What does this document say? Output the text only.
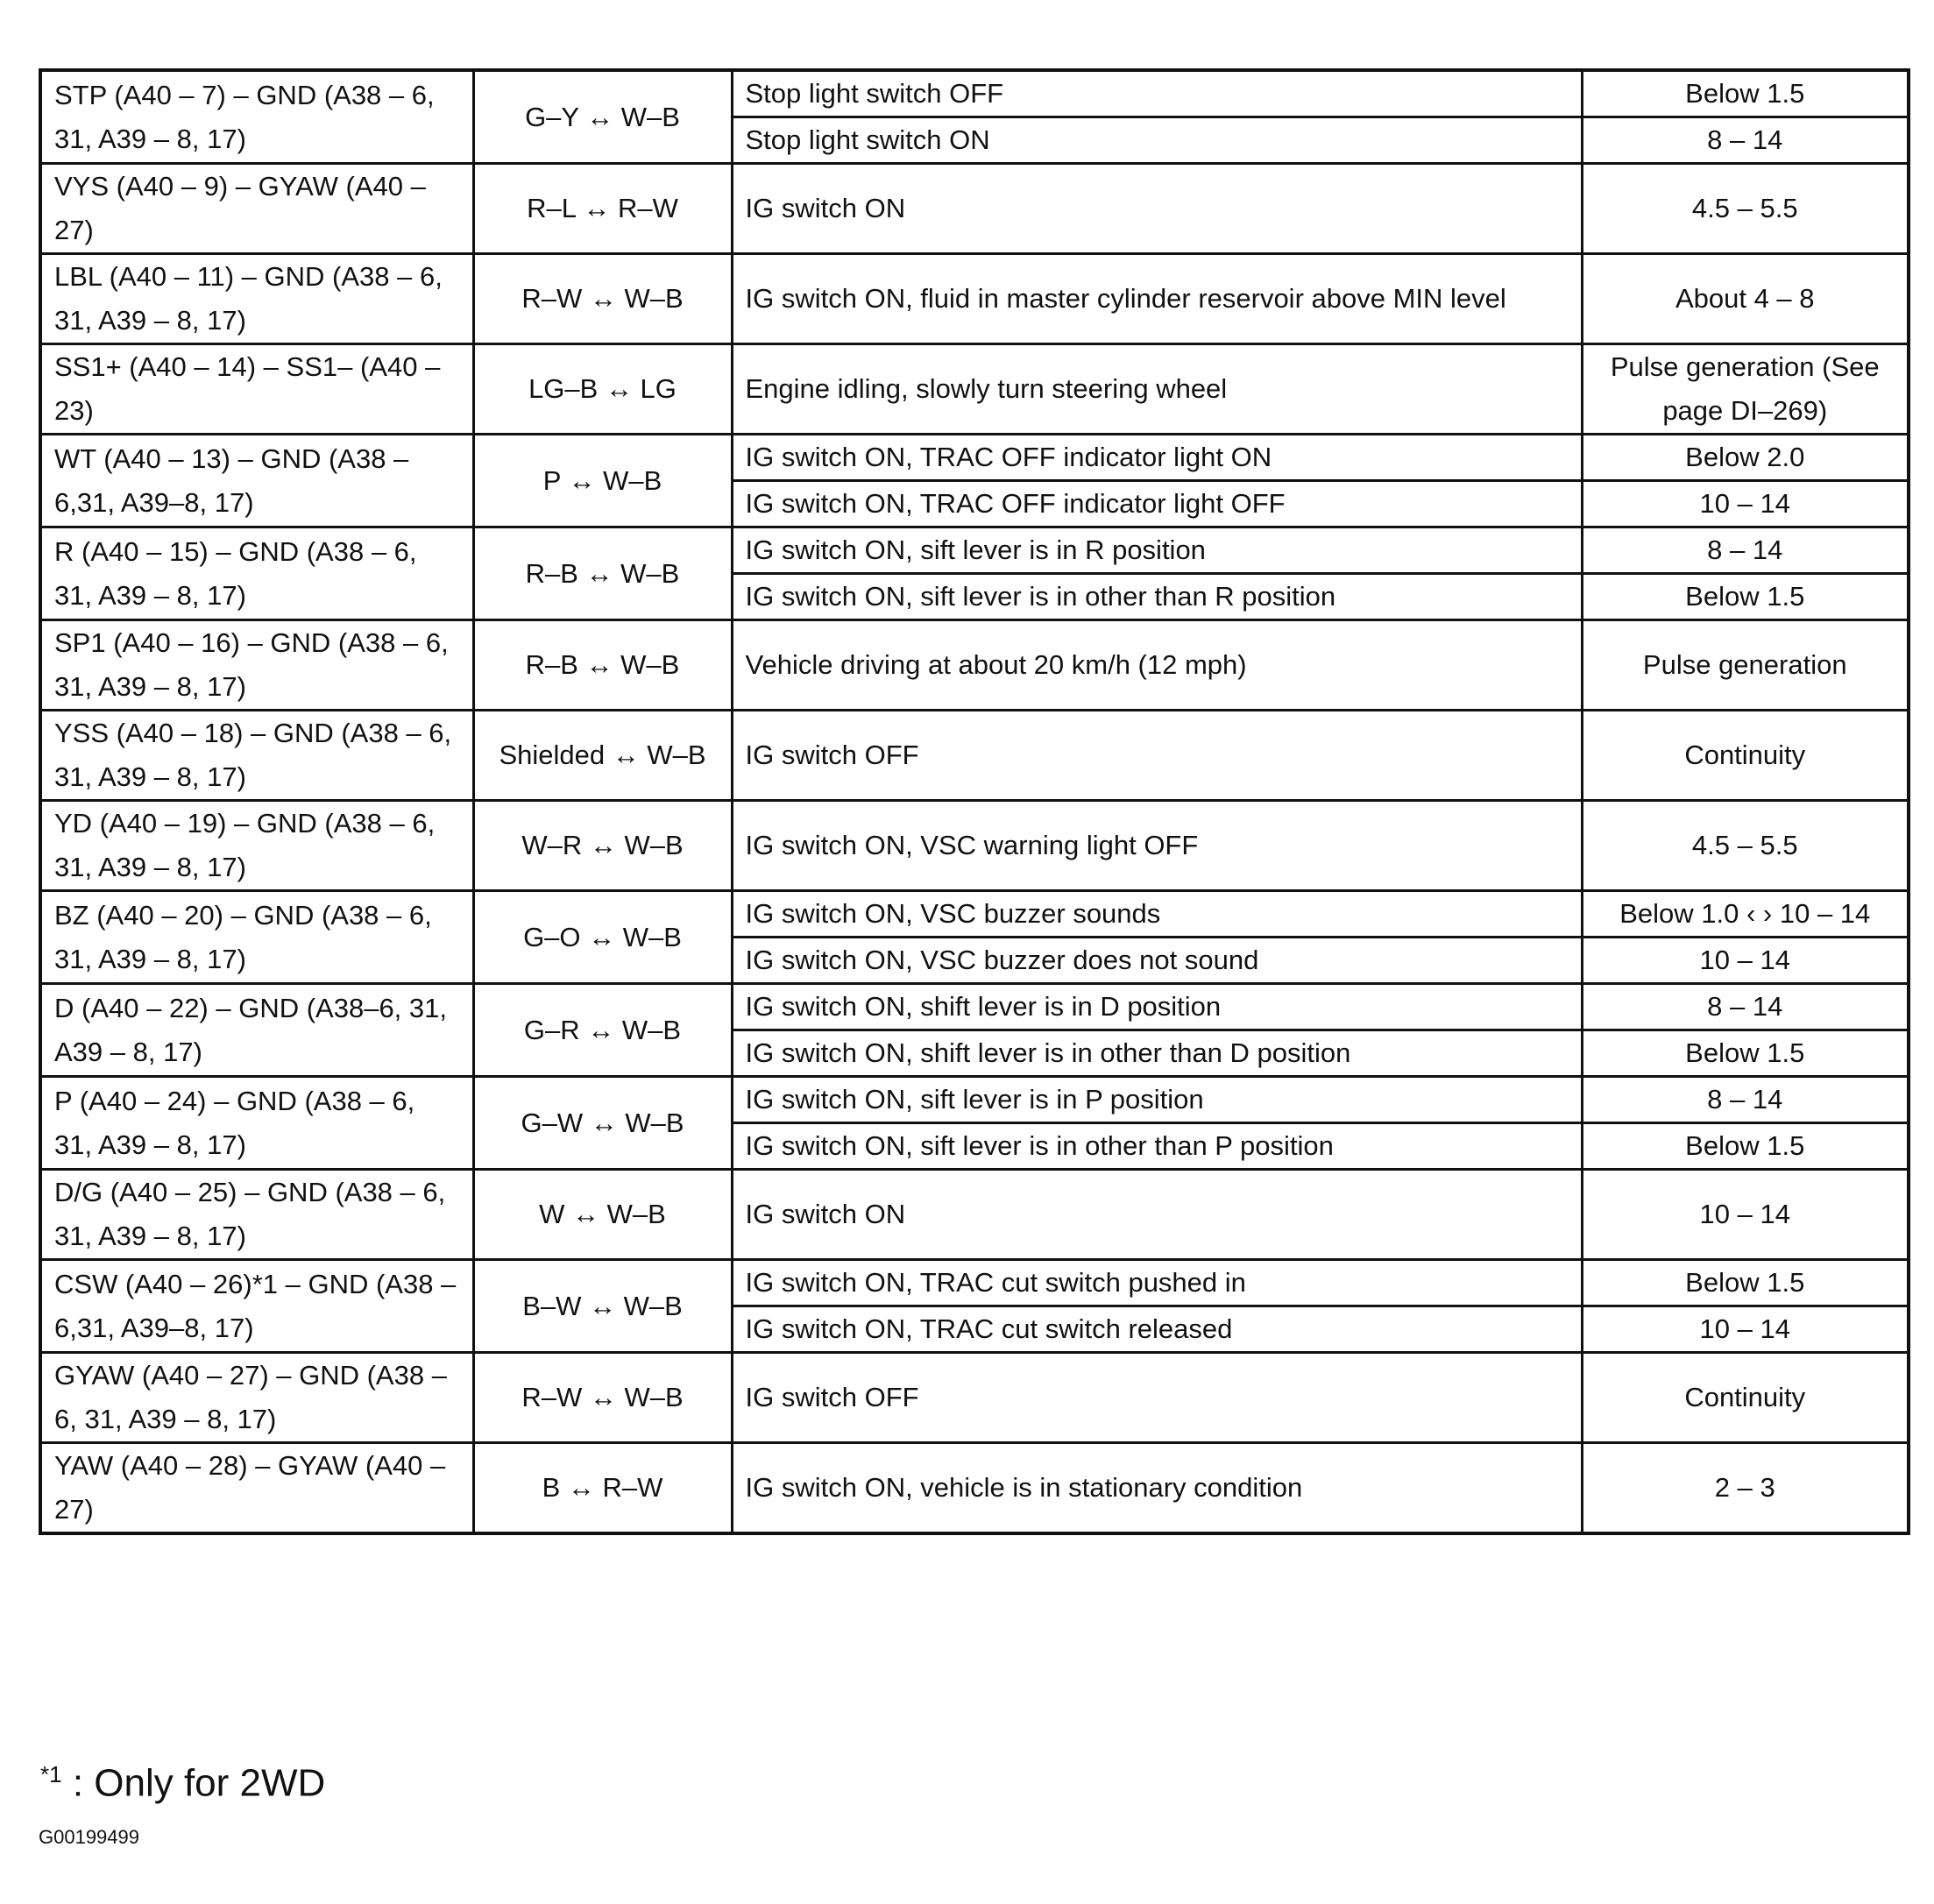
STP (A40 – 7) – GND (A38 – 6, 31, A39 – 8, 17)	G–Y ↔ W–B	Stop light switch OFF	Below 1.5
		Stop light switch ON	8 – 14
VYS (A40 – 9) – GYAW (A40 – 27)	R–L ↔ R–W	IG switch ON	4.5 – 5.5
LBL (A40 – 11) – GND (A38 – 6, 31, A39 – 8, 17)	R–W ↔ W–B	IG switch ON, fluid in master cylinder reservoir above MIN level	About 4 – 8
SS1+ (A40 – 14) – SS1– (A40 – 23)	LG–B ↔ LG	Engine idling, slowly turn steering wheel	Pulse generation (See page DI–269)
WT (A40 – 13) – GND (A38 – 6,31, A39–8, 17)	P ↔ W–B	IG switch ON, TRAC OFF indicator light ON	Below 2.0
		IG switch ON, TRAC OFF indicator light OFF	10 – 14
R (A40 – 15) – GND (A38 – 6, 31, A39 – 8, 17)	R–B ↔ W–B	IG switch ON, sift lever is in R position	8 – 14
		IG switch ON, sift lever is in other than R position	Below 1.5
SP1 (A40 – 16) – GND (A38 – 6, 31, A39 – 8, 17)	R–B ↔ W–B	Vehicle driving at about 20 km/h (12 mph)	Pulse generation
YSS (A40 – 18) – GND (A38 – 6, 31, A39 – 8, 17)	Shielded ↔ W–B	IG switch OFF	Continuity
YD (A40 – 19) – GND (A38 – 6, 31, A39 – 8, 17)	W–R ↔ W–B	IG switch ON, VSC warning light OFF	4.5 – 5.5
BZ (A40 – 20) – GND (A38 – 6, 31, A39 – 8, 17)	G–O ↔ W–B	IG switch ON, VSC buzzer sounds	Below 1.0 ‹ › 10 – 14
		IG switch ON, VSC buzzer does not sound	10 – 14
D (A40 – 22) – GND (A38–6, 31, A39 – 8, 17)	G–R ↔ W–B	IG switch ON, shift lever is in D position	8 – 14
		IG switch ON, shift lever is in other than D position	Below 1.5
P (A40 – 24) – GND (A38 – 6, 31, A39 – 8, 17)	G–W ↔ W–B	IG switch ON, sift lever is in P position	8 – 14
		IG switch ON, sift lever is in other than P position	Below 1.5
D/G (A40 – 25) – GND (A38 – 6, 31, A39 – 8, 17)	W ↔ W–B	IG switch ON	10 – 14
CSW (A40 – 26)*1 – GND (A38 – 6,31, A39–8, 17)	B–W ↔ W–B	IG switch ON, TRAC cut switch pushed in	Below 1.5
		IG switch ON, TRAC cut switch released	10 – 14
GYAW (A40 – 27) – GND (A38 – 6, 31, A39 – 8, 17)	R–W ↔ W–B	IG switch OFF	Continuity
YAW (A40 – 28) – GYAW (A40 – 27)	B ↔ R–W	IG switch ON, vehicle is in stationary condition	2 – 3
$^{*1}$ : Only for 2WD
G00199499
